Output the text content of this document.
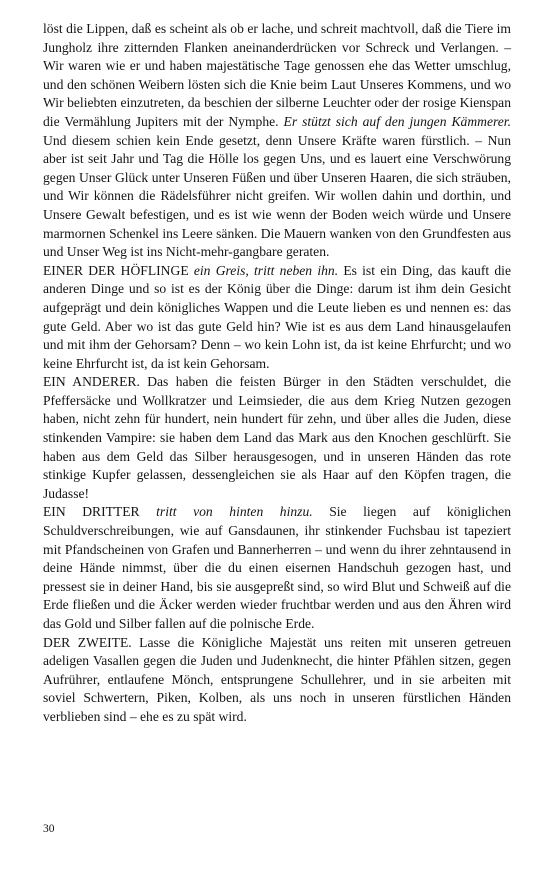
löst die Lippen, daß es scheint als ob er lache, und schreit machtvoll, daß die Tiere im Jungholz ihre zitternden Flanken aneinanderdrücken vor Schreck und Verlangen. – Wir waren wie er und haben majestätische Tage genossen ehe das Wetter umschlug, und den schönen Weibern lösten sich die Knie beim Laut Unseres Kommens, und wo Wir beliebten einzutreten, da beschien der silberne Leuchter oder der rosige Kienspan die Vermählung Jupiters mit der Nymphe. Er stützt sich auf den jungen Kämmerer. Und diesem schien kein Ende gesetzt, denn Unsere Kräfte waren fürstlich. – Nun aber ist seit Jahr und Tag die Hölle los gegen Uns, und es lauert eine Verschwörung gegen Unser Glück unter Unseren Füßen und über Unseren Haaren, die sich sträuben, und Wir können die Rädelsführer nicht greifen. Wir wollen dahin und dorthin, und Unsere Gewalt befestigen, und es ist wie wenn der Boden weich würde und Unsere marmornen Schenkel ins Leere sänken. Die Mauern wanken von den Grundfesten aus und Unser Weg ist ins Nicht-mehr-gangbare geraten.

EINER DER HÖFLINGE ein Greis, tritt neben ihn. Es ist ein Ding, das kauft die anderen Dinge und so ist es der König über die Dinge: darum ist ihm dein Gesicht aufgeprägt und dein königliches Wappen und die Leute lieben es und nennen es: das gute Geld. Aber wo ist das gute Geld hin? Wie ist es aus dem Land hinausgelaufen und mit ihm der Gehorsam? Denn – wo kein Lohn ist, da ist keine Ehrfurcht; und wo keine Ehrfurcht ist, da ist kein Gehorsam.

EIN ANDERER. Das haben die feisten Bürger in den Städten verschuldet, die Pfeffersäcke und Wollkratzer und Leimsieder, die aus dem Krieg Nutzen gezogen haben, nicht zehn für hundert, nein hundert für zehn, und über alles die Juden, diese stinkenden Vampire: sie haben dem Land das Mark aus den Knochen geschlürft. Sie haben aus dem Geld das Silber herausgesogen, und in unseren Händen das rote stinkige Kupfer gelassen, dessengleichen sie als Haar auf den Köpfen tragen, die Judasse!

EIN DRITTER tritt von hinten hinzu. Sie liegen auf königlichen Schuldverschreibungen, wie auf Gansdaunen, ihr stinkender Fuchsbau ist tapeziert mit Pfandscheinen von Grafen und Bannerherren – und wenn du ihrer zehntausend in deine Hände nimmst, über die du einen eisernen Handschuh gezogen hast, und pressest sie in deiner Hand, bis sie ausgepreßt sind, so wird Blut und Schweiß auf die Erde fließen und die Äcker werden wieder fruchtbar werden und aus den Ähren wird das Gold und Silber fallen auf die polnische Erde.

DER ZWEITE. Lasse die Königliche Majestät uns reiten mit unseren getreuen adeligen Vasallen gegen die Juden und Judenknecht, die hinter Pfählen sitzen, gegen Aufrührer, entlaufene Mönch, entsprungene Schullehrer, und in sie arbeiten mit soviel Schwertern, Piken, Kolben, als uns noch in unseren fürstlichen Händen verblieben sind – ehe es zu spät wird.

30
